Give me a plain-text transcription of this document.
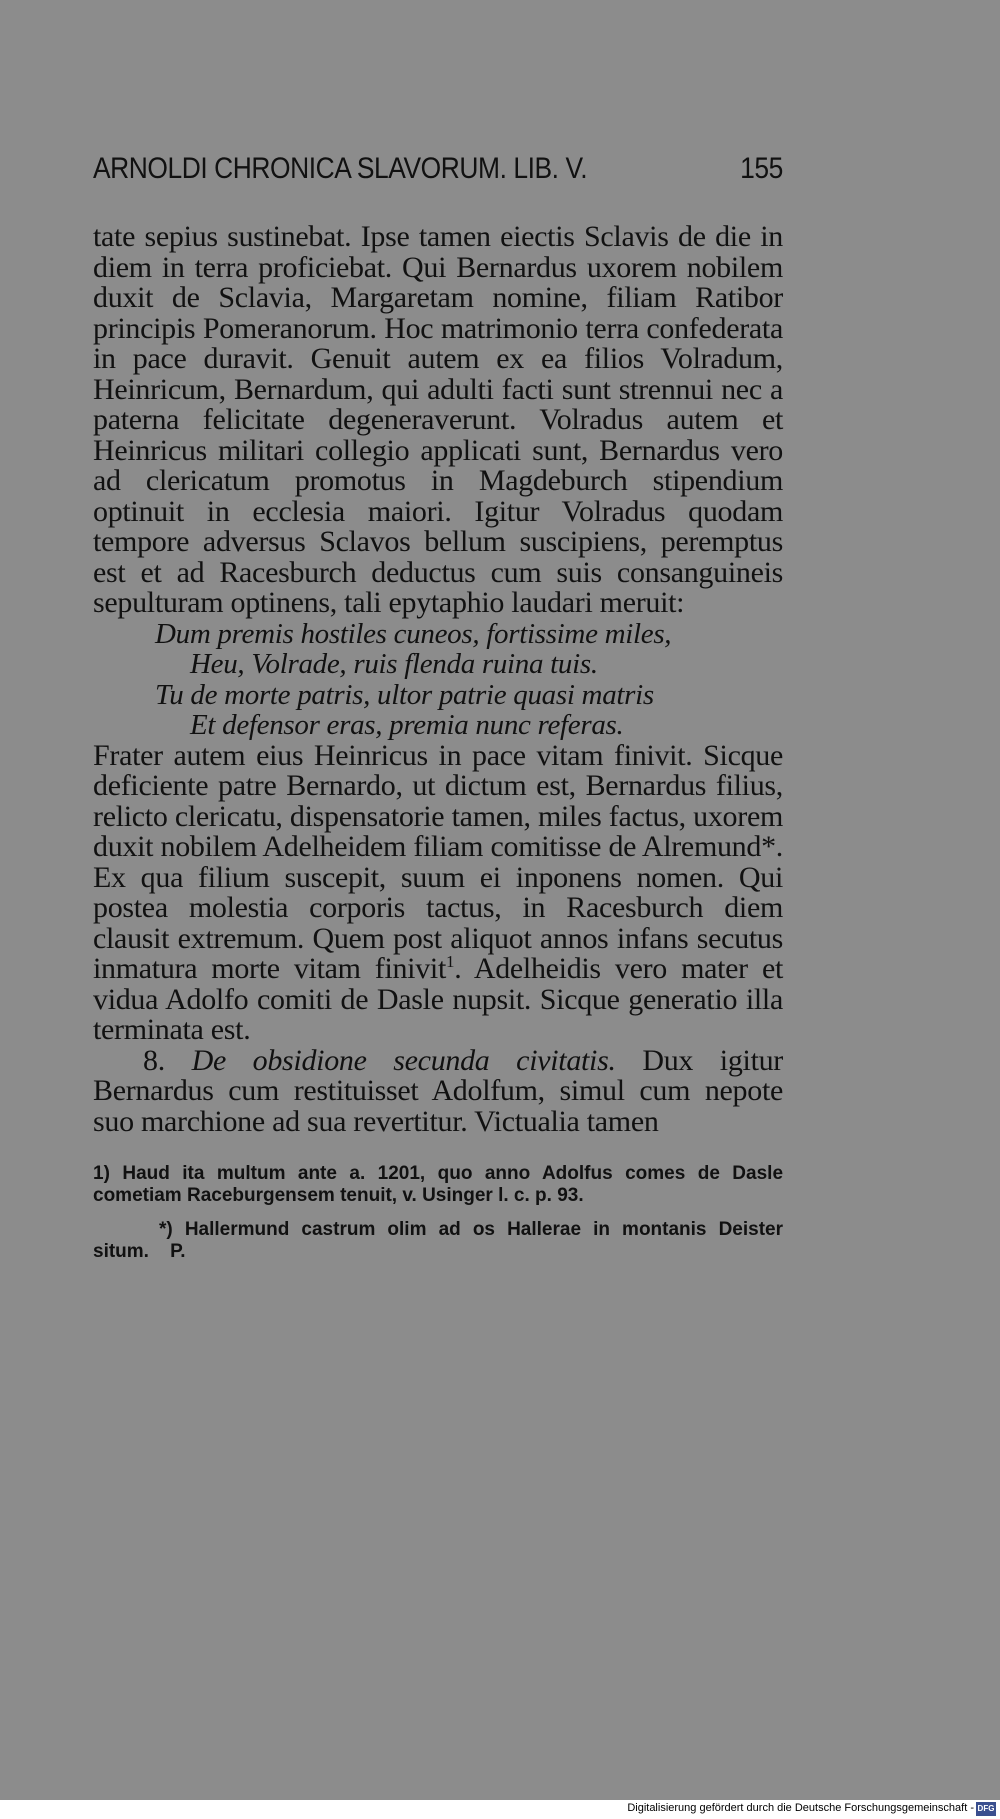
ARNOLDI CHRONICA SLAVORUM. LIB. V.	155

tate sepius sustinebat. Ipse tamen eiectis Sclavis de die in diem in terra proficiebat. Qui Bernardus uxorem nobilem duxit de Sclavia, Margaretam nomine, filiam Ratibor principis Pomeranorum. Hoc matrimonio terra confederata in pace duravit. Genuit autem ex ea filios Volradum, Heinricum, Bernardum, qui adulti facti sunt strennui nec a paterna felicitate degeneraverunt. Volradus autem et Heinricus militari collegio applicati sunt, Bernardus vero ad clericatum promotus in Magdeburch stipendium optinuit in ecclesia maiori. Igitur Volradus quodam tempore adversus Sclavos bellum suscipiens, peremptus est et ad Racesburch deductus cum suis consanguineis sepulturam optinens, tali epytaphio laudari meruit:

Dum premis hostiles cuneos, fortissime miles,
Heu, Volrade, ruis flenda ruina tuis.
Tu de morte patris, ultor patrie quasi matris
Et defensor eras, premia nunc referas.

Frater autem eius Heinricus in pace vitam finivit. Sicque deficiente patre Bernardo, ut dictum est, Bernardus filius, relicto clericatu, dispensatorie tamen, miles factus, uxorem duxit nobilem Adelheidem filiam comitisse de Alremund*. Ex qua filium suscepit, suum ei inponens nomen. Qui postea molestia corporis tactus, in Racesburch diem clausit extremum. Quem post aliquot annos infans secutus inmatura morte vitam finivit$^1$. Adelheidis vero mater et vidua Adolfo comiti de Dasle nupsit. Sicque generatio illa terminata est.

8. De obsidione secunda civitatis. Dux igitur Bernardus cum restituisset Adolfum, simul cum nepote suo marchione ad sua revertitur. Victualia tamen

1) Haud ita multum ante a. 1201, quo anno Adolfus comes de Dasle cometiam Raceburgensem tenuit, v. Usinger l. c. p. 93.

*) Hallermund castrum olim ad os Hallerae in montanis Deister situm. P.

Digitalisierung gefördert durch die Deutsche Forschungsgemeinschaft - DFG
